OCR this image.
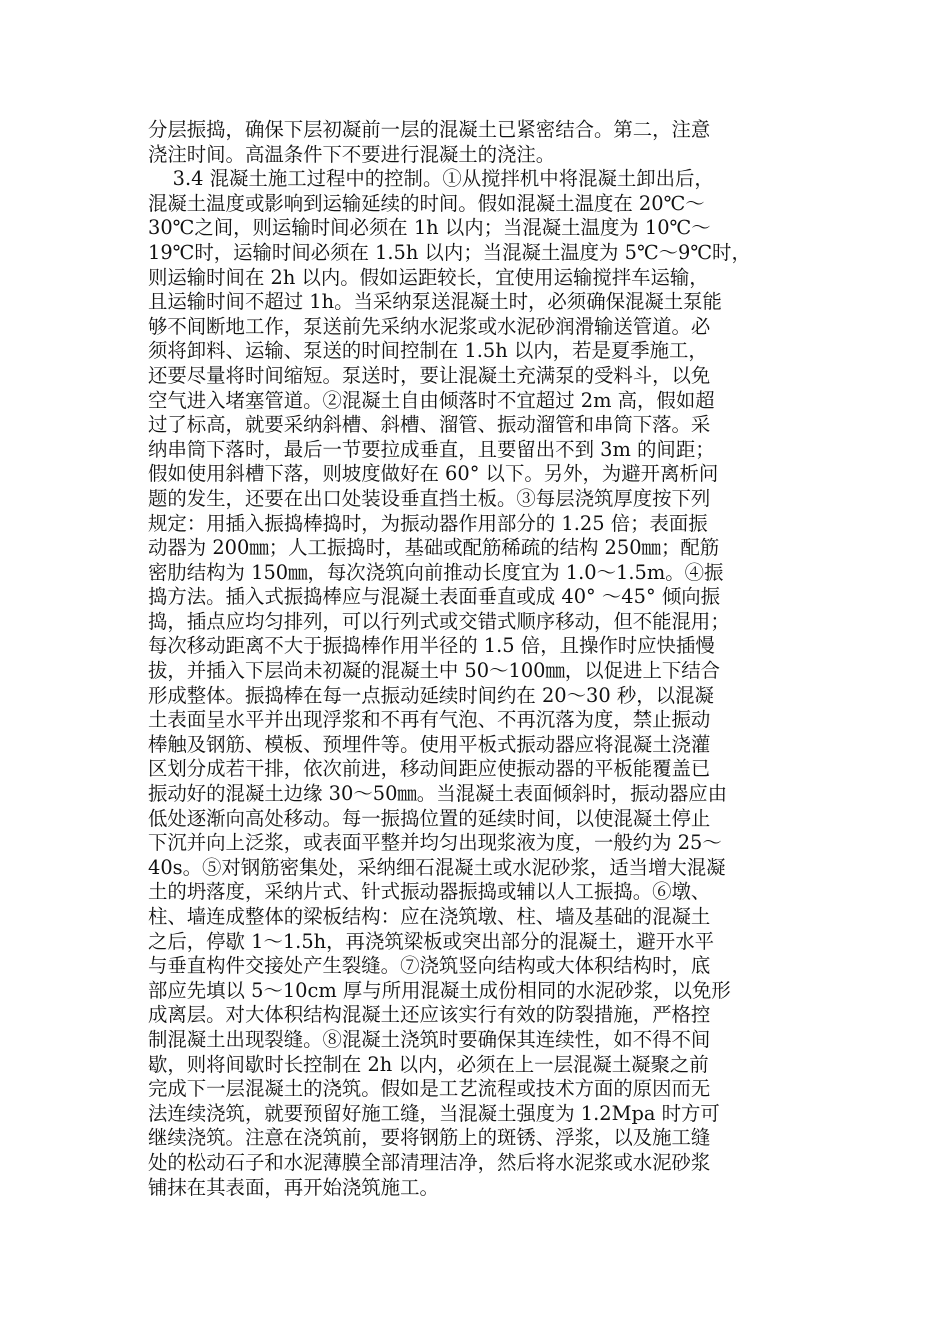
分层振捣，确保下层初凝前一层的混凝土已紧密结合。第二，注意
浇注时间。高温条件下不要进行混凝土的浇注。
3.4 混凝土施工过程中的控制。①从搅拌机中将混凝土卸出后，
混凝土温度或影响到运输延续的时间。假如混凝土温度在 20℃～
30℃之间，则运输时间必须在 1h 以内；当混凝土温度为 10℃～
19℃时，运输时间必须在 1.5h 以内；当混凝土温度为 5℃～9℃时，
则运输时间在 2h 以内。假如运距较长，宜使用运输搅拌车运输，
且运输时间不超过 1h。当采纳泵送混凝土时，必须确保混凝土泵能
够不间断地工作，泵送前先采纳水泥浆或水泥砂润滑输送管道。必
须将卸料、运输、泵送的时间控制在 1.5h 以内，若是夏季施工，
还要尽量将时间缩短。泵送时，要让混凝土充满泵的受料斗，以免
空气进入堵塞管道。②混凝土自由倾落时不宜超过 2m 高，假如超
过了标高，就要采纳斜槽、斜槽、溜管、振动溜管和串筒下落。采
纳串筒下落时，最后一节要拉成垂直，且要留出不到 3m 的间距；
假如使用斜槽下落，则坡度做好在 60° 以下。另外，为避开离析问
题的发生，还要在出口处装设垂直挡土板。③每层浇筑厚度按下列
规定：用插入振捣棒捣时，为振动器作用部分的 1.25 倍；表面振
动器为 200㎜；人工振捣时，基础或配筋稀疏的结构 250㎜；配筋
密肋结构为 150㎜，每次浇筑向前推动长度宜为 1.0～1.5m。④振
捣方法。插入式振捣棒应与混凝土表面垂直或成 40° ～45° 倾向振
捣，插点应均匀排列，可以行列式或交错式顺序移动，但不能混用；
每次移动距离不大于振捣棒作用半径的 1.5 倍，且操作时应快插慢
拔，并插入下层尚未初凝的混凝土中 50～100㎜，以促进上下结合
形成整体。振捣棒在每一点振动延续时间约在 20～30 秒，以混凝
土表面呈水平并出现浮浆和不再有气泡、不再沉落为度，禁止振动
棒触及钢筋、模板、预埋件等。使用平板式振动器应将混凝土浇灌
区划分成若干排，依次前进，移动间距应使振动器的平板能覆盖已
振动好的混凝土边缘 30～50㎜。当混凝土表面倾斜时，振动器应由
低处逐渐向高处移动。每一振捣位置的延续时间，以使混凝土停止
下沉并向上泛浆，或表面平整并均匀出现浆液为度，一般约为 25～
40s。⑤对钢筋密集处，采纳细石混凝土或水泥砂浆，适当增大混凝
土的坍落度，采纳片式、针式振动器振捣或辅以人工振捣。⑥墩、
柱、墙连成整体的梁板结构：应在浇筑墩、柱、墙及基础的混凝土
之后，停歇 1～1.5h，再浇筑梁板或突出部分的混凝土，避开水平
与垂直构件交接处产生裂缝。⑦浇筑竖向结构或大体积结构时，底
部应先填以 5～10cm 厚与所用混凝土成份相同的水泥砂浆，以免形
成离层。对大体积结构混凝土还应该实行有效的防裂措施，严格控
制混凝土出现裂缝。⑧混凝土浇筑时要确保其连续性，如不得不间
歇，则将间歇时长控制在 2h 以内，必须在上一层混凝土凝聚之前
完成下一层混凝土的浇筑。假如是工艺流程或技术方面的原因而无
法连续浇筑，就要预留好施工缝，当混凝土强度为 1.2Mpa 时方可
继续浇筑。注意在浇筑前，要将钢筋上的斑锈、浮浆，以及施工缝
处的松动石子和水泥薄膜全部清理洁净，然后将水泥浆或水泥砂浆
铺抹在其表面，再开始浇筑施工。
